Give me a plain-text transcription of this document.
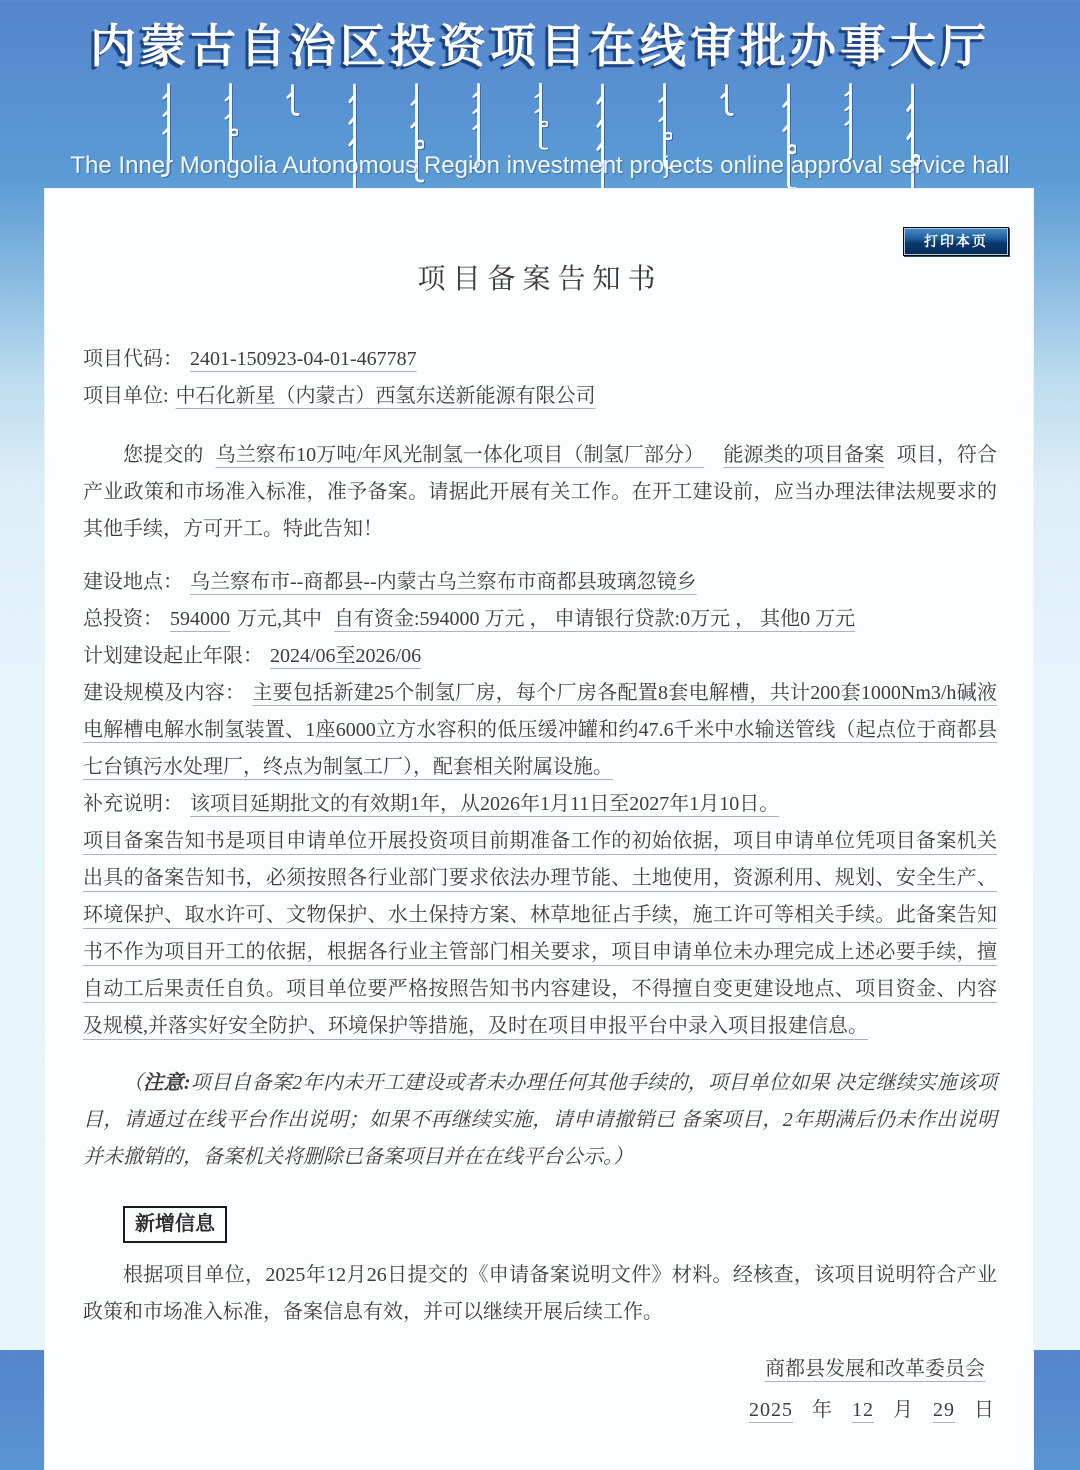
内蒙古自治区投资项目在线审批办事大厅
The Inner Mongolia Autonomous Region investment projects online approval service hall
打印本页
项目备案告知书

项目代码： 2401-150923-04-01-467787

项目单位: 中石化新星（内蒙古）西氢东送新能源有限公司

您提交的 乌兰察布10万吨/年风光制氢一体化项目（制氢厂部分） 能源类的项目备案 项目，符合产业政策和市场准入标准，准予备案。请据此开展有关工作。在开工建设前，应当办理法律法规要求的其他手续，方可开工。特此告知！

建设地点： 乌兰察布市--商都县--内蒙古乌兰察布市商都县玻璃忽镜乡

总投资： 594000 万元,其中 自有资金:594000 万元 ， 申请银行贷款:0万元 ， 其他0 万元

计划建设起止年限： 2024/06至2026/06

建设规模及内容： 主要包括新建25个制氢厂房，每个厂房各配置8套电解槽，共计200套1000Nm3/h碱液电解槽电解水制氢装置、1座6000立方水容积的低压缓冲罐和约47.6千米中水输送管线（起点位于商都县七台镇污水处理厂，终点为制氢工厂），配套相关附属设施。

补充说明： 该项目延期批文的有效期1年，从2026年1月11日至2027年1月10日。

项目备案告知书是项目申请单位开展投资项目前期准备工作的初始依据，项目申请单位凭项目备案机关出具的备案告知书，必须按照各行业部门要求依法办理节能、土地使用，资源利用、规划、安全生产、环境保护、取水许可、文物保护、水土保持方案、林草地征占手续，施工许可等相关手续。此备案告知书不作为项目开工的依据，根据各行业主管部门相关要求，项目申请单位未办理完成上述必要手续，擅自动工后果责任自负。项目单位要严格按照告知书内容建设，不得擅自变更建设地点、项目资金、内容及规模,并落实好安全防护、环境保护等措施，及时在项目申报平台中录入项目报建信息。

（注意:项目自备案2年内未开工建设或者未办理任何其他手续的，项目单位如果 决定继续实施该项目，请通过在线平台作出说明；如果不再继续实施，请申请撤销已 备案项目，2年期满后仍未作出说明并未撤销的，备案机关将删除已备案项目并在在线平台公示。）

新增信息

根据项目单位，2025年12月26日提交的《申请备案说明文件》材料。经核查，该项目说明符合产业政策和市场准入标准，备案信息有效，并可以继续开展后续工作。

商都县发展和改革委员会

2025 年 12 月 29 日
